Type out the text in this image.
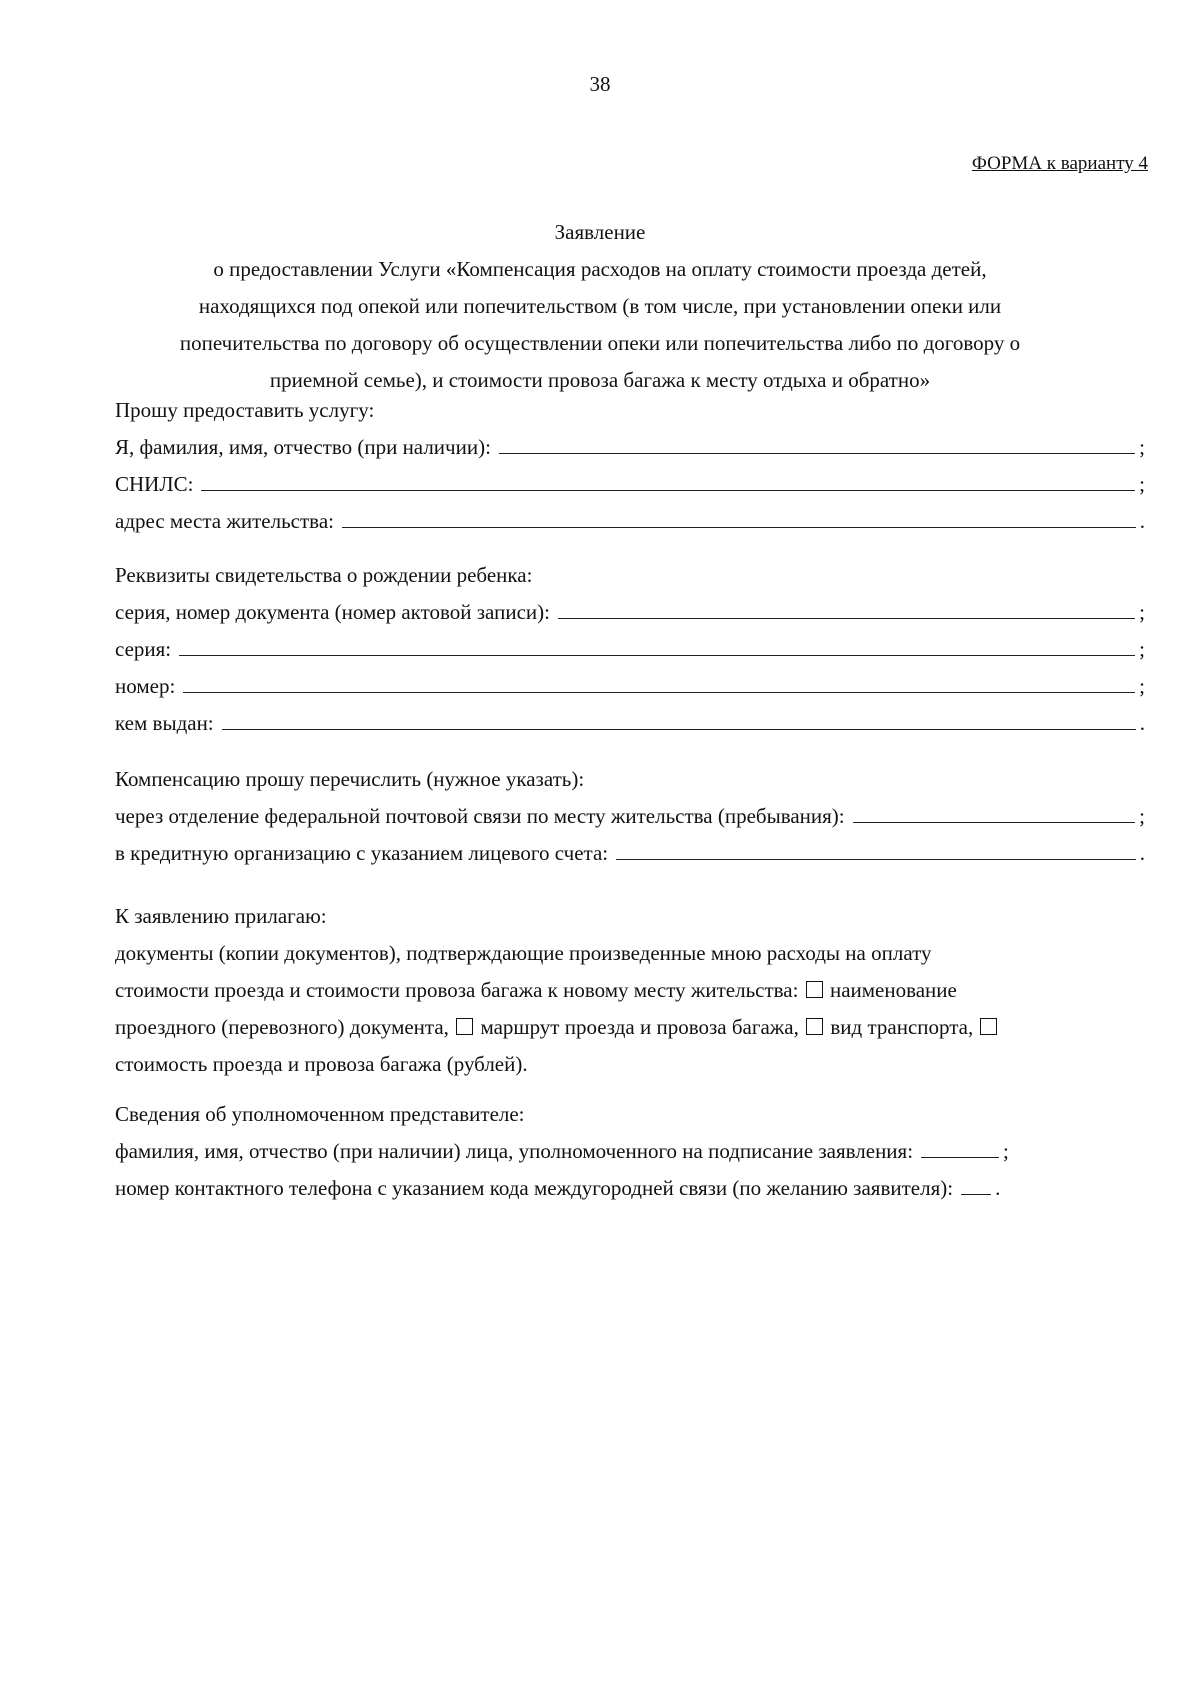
38
ФОРМА к варианту 4
Заявление
о предоставлении Услуги «Компенсация расходов на оплату стоимости проезда детей,
находящихся под опекой или попечительством (в том числе, при установлении опеки или
попечительства по договору об осуществлении опеки или попечительства либо по договору о
приемной семье), и стоимости провоза багажа к месту отдыха и обратно»
Прошу предоставить услугу:
Я, фамилия, имя, отчество (при наличии):	;
СНИЛС:	;
адрес места жительства:	.
Реквизиты свидетельства о рождении ребенка:
серия, номер документа (номер актовой записи):	;
серия:	;
номер:	;
кем выдан:	.
Компенсацию прошу перечислить (нужное указать):
через отделение федеральной почтовой связи по месту жительства (пребывания):	;
в кредитную организацию с указанием лицевого счета:	.
К заявлению прилагаю:
документы (копии документов), подтверждающие произведенные мною расходы на оплату
стоимости проезда и стоимости провоза багажа к новому месту жительства: наименование
проездного (перевозного) документа, маршрут проезда и провоза багажа, вид транспорта,
стоимость проезда и провоза багажа (рублей).
Сведения об уполномоченном представителе:
фамилия, имя, отчество (при наличии) лица, уполномоченного на подписание заявления:	;
номер контактного телефона с указанием кода междугородней связи (по желанию заявителя): .
